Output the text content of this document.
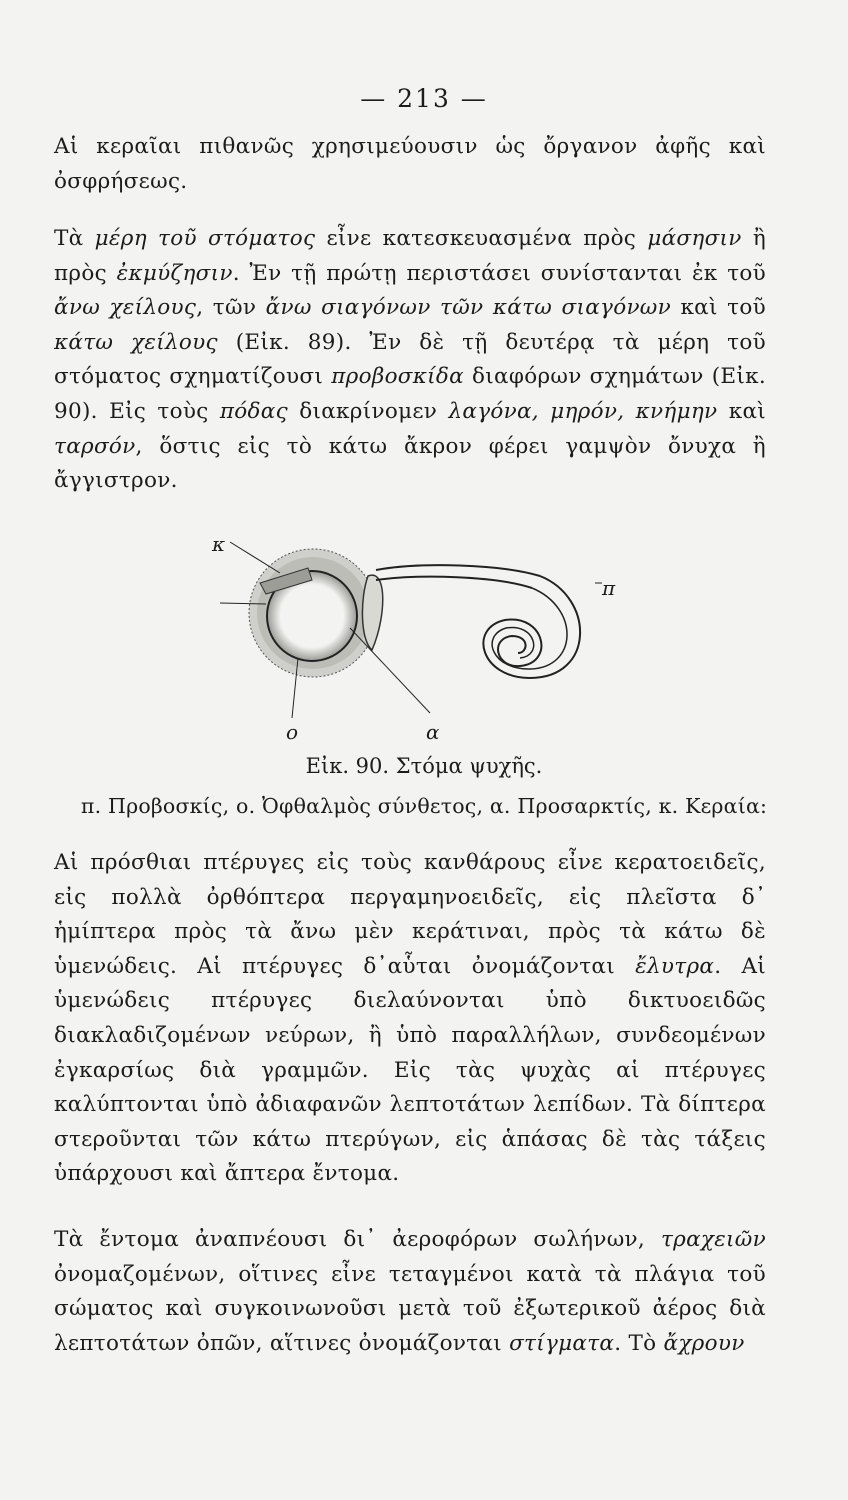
— 213 —
Αἱ κεραῖαι πιθανῶς χρησιμεύουσιν ὡς ὄργανον ἀφῆς καὶ ὀσφρήσεως.
Τὰ μέρη τοῦ στόματος εἶνε κατεσκευασμένα πρὸς μάσησιν ἢ πρὸς ἐκμύζησιν. Ἐν τῇ πρώτῃ περιστάσει συνίστανται ἐκ τοῦ ἄνω χείλους, τῶν ἄνω σιαγόνων τῶν κάτω σιαγόνων καὶ τοῦ κάτω χείλους (Εἰκ. 89). Ἐν δὲ τῇ δευτέρᾳ τὰ μέρη τοῦ στόματος σχηματίζουσι προβοσκίδα διαφόρων σχημάτων (Εἰκ. 90). Εἰς τοὺς πόδας διακρίνομεν λαγόνα, μηρόν, κνήμην καὶ ταρσόν, ὅστις εἰς τὸ κάτω ἄκρον φέρει γαμψὸν ὄνυχα ἢ ἄγγιστρον.
κ
π
ο	α
Εἰκ. 90. Στόμα ψυχῆς.
π. Προβοσκίς, ο. Ὀφθαλμὸς σύνθετος, α. Προσαρκτίς, κ. Κεραία:
Αἱ πρόσθιαι πτέρυγες εἰς τοὺς κανθάρους εἶνε κερατοειδεῖς, εἰς πολλὰ ὀρθόπτερα περγαμηνοειδεῖς, εἰς πλεῖστα δ᾽ ἡμίπτερα πρὸς τὰ ἄνω μὲν κεράτιναι, πρὸς τὰ κάτω δὲ ὑμενώδεις. Αἱ πτέρυγες δ᾽αὗται ὀνομάζονται ἔλυτρα. Αἱ ὑμενώδεις πτέρυγες διελαύνονται ὑπὸ δικτυοειδῶς διακλαδιζομένων νεύρων, ἢ ὑπὸ παραλλήλων, συνδεομένων ἐγκαρσίως διὰ γραμμῶν. Εἰς τὰς ψυχὰς αἱ πτέρυγες καλύπτονται ὑπὸ ἀδιαφανῶν λεπτοτάτων λεπίδων. Τὰ δίπτερα στεροῦνται τῶν κάτω πτερύγων, εἰς ἁπάσας δὲ τὰς τάξεις ὑπάρχουσι καὶ ἄπτερα ἔντομα.
Τὰ ἔντομα ἀναπνέουσι δι᾽ ἀεροφόρων σωλήνων, τραχειῶν ὀνομαζομένων, οἵτινες εἶνε τεταγμένοι κατὰ τὰ πλάγια τοῦ σώματος καὶ συγκοινωνοῦσι μετὰ τοῦ ἐξωτερικοῦ ἀέρος διὰ λεπτοτάτων ὀπῶν, αἵτινες ὀνομάζονται στίγματα. Τὸ ἄχρουν
